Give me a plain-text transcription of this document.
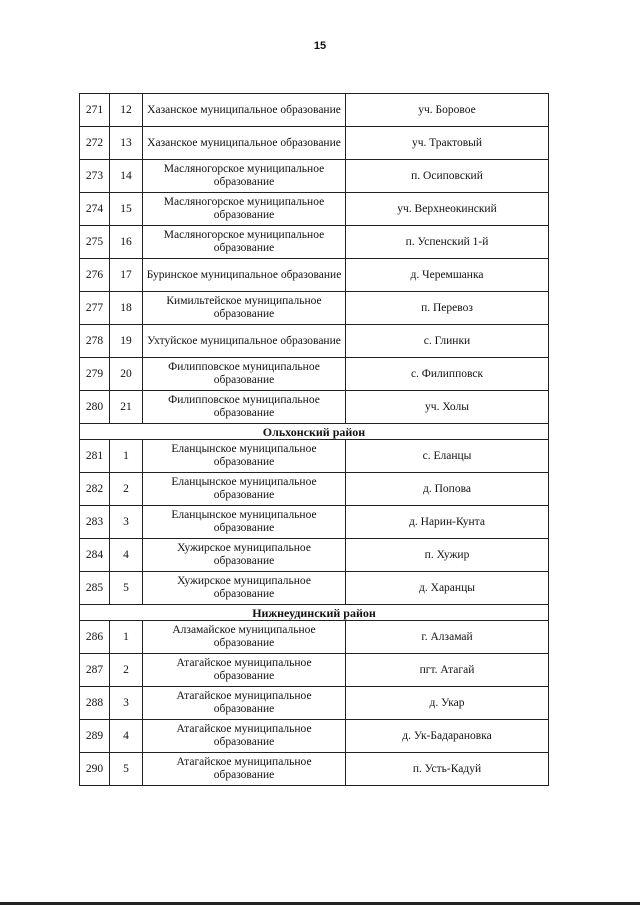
15
271	12	Хазанское муниципальное образование	уч. Боровое
272	13	Хазанское муниципальное образование	уч. Трактовый
273	14	Масляногорское муниципальное образование	п. Осиповский
274	15	Масляногорское муниципальное образование	уч. Верхнеокинский
275	16	Масляногорское муниципальное образование	п. Успенский 1-й
276	17	Буринское муниципальное образование	д. Черемшанка
277	18	Кимильтейское муниципальное образование	п. Перевоз
278	19	Ухтуйское муниципальное образование	с. Глинки
279	20	Филипповское муниципальное образование	с. Филипповск
280	21	Филипповское муниципальное образование	уч. Холы
Ольхонский район			
281	1	Еланцынское муниципальное образование	с. Еланцы
282	2	Еланцынское муниципальное образование	д. Попова
283	3	Еланцынское муниципальное образование	д. Нарин-Кунта
284	4	Хужирское муниципальное образование	п. Хужир
285	5	Хужирское муниципальное образование	д. Харанцы
Нижнеудинский район			
286	1	Алзамайское муниципальное образование	г. Алзамай
287	2	Атагайское муниципальное образование	пгт. Атагай
288	3	Атагайское муниципальное образование	д. Укар
289	4	Атагайское муниципальное образование	д. Ук-Бадарановка
290	5	Атагайское муниципальное образование	п. Усть-Кадуй
